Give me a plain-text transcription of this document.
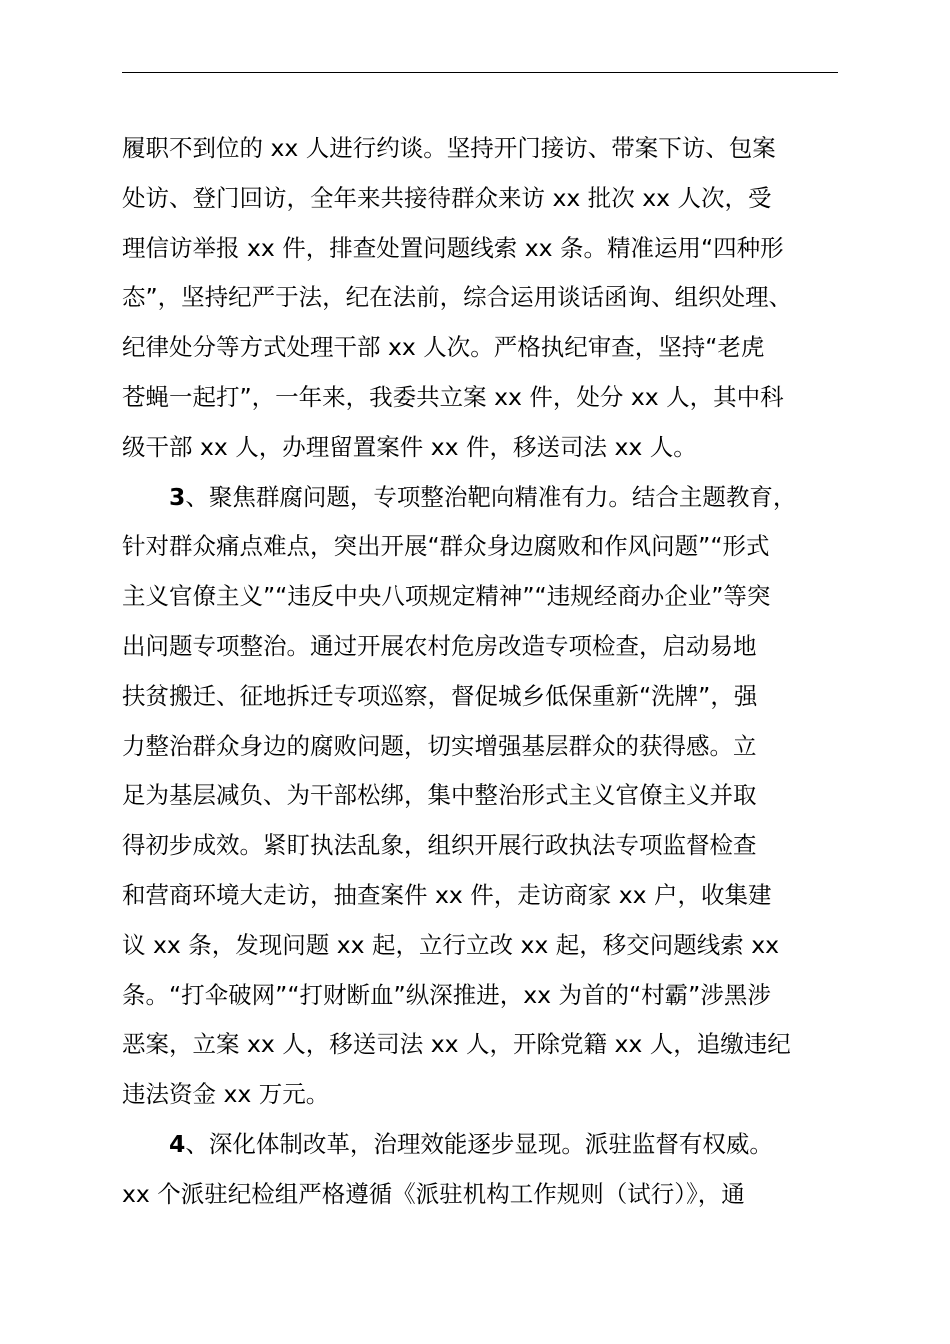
履职不到位的 xx 人进行约谈。坚持开门接访、带案下访、包案
处访、登门回访，全年来共接待群众来访 xx 批次 xx 人次，受
理信访举报 xx 件，排查处置问题线索 xx 条。精准运用“四种形
态”，坚持纪严于法，纪在法前，综合运用谈话函询、组织处理、
纪律处分等方式处理干部 xx 人次。严格执纪审查，坚持“老虎
苍蝇一起打”，一年来，我委共立案 xx 件，处分 xx 人，其中科
级干部 xx 人，办理留置案件 xx 件，移送司法 xx 人。
3、聚焦群腐问题，专项整治靶向精准有力。结合主题教育，
针对群众痛点难点，突出开展“群众身边腐败和作风问题”“形式
主义官僚主义”“违反中央八项规定精神”“违规经商办企业”等突
出问题专项整治。通过开展农村危房改造专项检查，启动易地
扶贫搬迁、征地拆迁专项巡察，督促城乡低保重新“洗牌”，强
力整治群众身边的腐败问题，切实增强基层群众的获得感。立
足为基层减负、为干部松绑，集中整治形式主义官僚主义并取
得初步成效。紧盯执法乱象，组织开展行政执法专项监督检查
和营商环境大走访，抽查案件 xx 件，走访商家 xx 户，收集建
议 xx 条，发现问题 xx 起，立行立改 xx 起，移交问题线索 xx
条。“打伞破网”“打财断血”纵深推进，xx 为首的“村霸”涉黑涉
恶案，立案 xx 人，移送司法 xx 人，开除党籍 xx 人，追缴违纪
违法资金 xx 万元。
4、深化体制改革，治理效能逐步显现。派驻监督有权威。
xx 个派驻纪检组严格遵循《派驻机构工作规则（试行）》，通
